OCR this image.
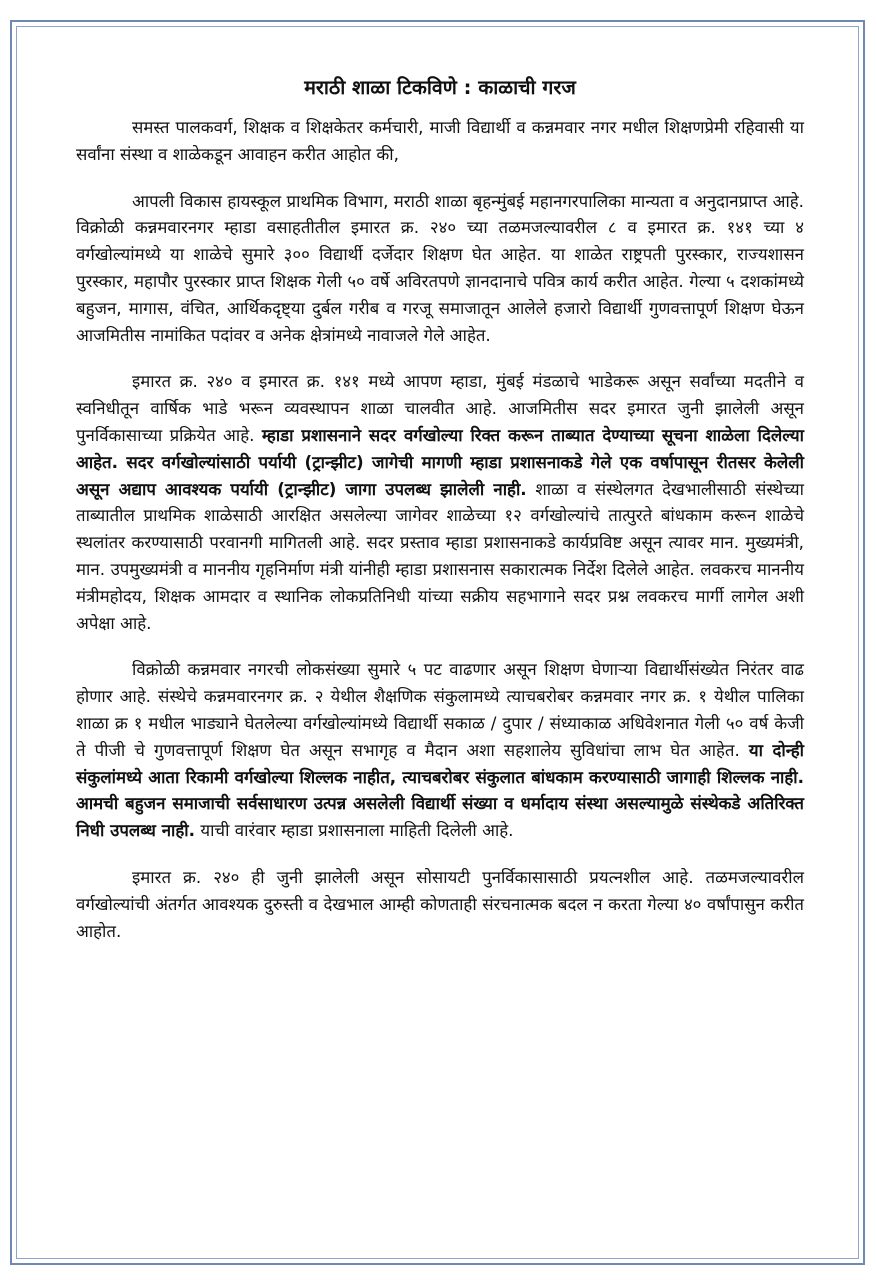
मराठी शाळा टिकविणे : काळाची गरज

समस्त पालकवर्ग, शिक्षक व शिक्षकेतर कर्मचारी, माजी विद्यार्थी व कन्नमवार नगर मधील शिक्षणप्रेमी रहिवासी या सर्वांना संस्था व शाळेकडून आवाहन करीत आहोत की,

आपली विकास हायस्कूल प्राथमिक विभाग, मराठी शाळा बृहन्मुंबई महानगरपालिका मान्यता व अनुदानप्राप्त आहे. विक्रोळी कन्नमवारनगर म्हाडा वसाहतीतील इमारत क्र. २४० च्या तळमजल्यावरील ८ व इमारत क्र. १४१ च्या ४ वर्गखोल्यांमध्ये या शाळेचे सुमारे ३०० विद्यार्थी दर्जेदार शिक्षण घेत आहेत. या शाळेत राष्ट्रपती पुरस्कार, राज्यशासन पुरस्कार, महापौर पुरस्कार प्राप्त शिक्षक गेली ५० वर्षे अविरतपणे ज्ञानदानाचे पवित्र कार्य करीत आहेत. गेल्या ५ दशकांमध्ये बहुजन, मागास, वंचित, आर्थिकदृष्ट्या दुर्बल गरीब व गरजू समाजातून आलेले हजारो विद्यार्थी गुणवत्तापूर्ण शिक्षण घेऊन आजमितीस नामांकित पदांवर व अनेक क्षेत्रांमध्ये नावाजले गेले आहेत.

इमारत क्र. २४० व इमारत क्र. १४१ मध्ये आपण म्हाडा, मुंबई मंडळाचे भाडेकरू असून सर्वांच्या मदतीने व स्वनिधीतून वार्षिक भाडे भरून व्यवस्थापन शाळा चालवीत आहे. आजमितीस सदर इमारत जुनी झालेली असून पुनर्विकासाच्या प्रक्रियेत आहे. म्हाडा प्रशासनाने सदर वर्गखोल्या रिक्त करून ताब्यात देण्याच्या सूचना शाळेला दिलेल्या आहेत. सदर वर्गखोल्यांसाठी पर्यायी (ट्रान्झीट) जागेची मागणी म्हाडा प्रशासनाकडे गेले एक वर्षापासून रीतसर केलेली असून अद्याप आवश्यक पर्यायी (ट्रान्झीट) जागा उपलब्ध झालेली नाही. शाळा व संस्थेलगत देखभालीसाठी संस्थेच्या ताब्यातील प्राथमिक शाळेसाठी आरक्षित असलेल्या जागेवर शाळेच्या १२ वर्गखोल्यांचे तात्पुरते बांधकाम करून शाळेचे स्थलांतर करण्यासाठी परवानगी मागितली आहे. सदर प्रस्ताव म्हाडा प्रशासनाकडे कार्यप्रविष्ट असून त्यावर मान. मुख्यमंत्री, मान. उपमुख्यमंत्री व माननीय गृहनिर्माण मंत्री यांनीही म्हाडा प्रशासनास सकारात्मक निर्देश दिलेले आहेत. लवकरच माननीय मंत्रीमहोदय, शिक्षक आमदार व स्थानिक लोकप्रतिनिधी यांच्या सक्रीय सहभागाने सदर प्रश्न लवकरच मार्गी लागेल अशी अपेक्षा आहे.

विक्रोळी कन्नमवार नगरची लोकसंख्या सुमारे ५ पट वाढणार असून शिक्षण घेणाऱ्या विद्यार्थीसंख्येत निरंतर वाढ होणार आहे. संस्थेचे कन्नमवारनगर क्र. २ येथील शैक्षणिक संकुलामध्ये त्याचबरोबर कन्नमवार नगर क्र. १ येथील पालिका शाळा क्र १ मधील भाड्याने घेतलेल्या वर्गखोल्यांमध्ये विद्यार्थी सकाळ / दुपार / संध्याकाळ अधिवेशनात गेली ५० वर्ष केजी ते पीजी चे गुणवत्तापूर्ण शिक्षण घेत असून सभागृह व मैदान अशा सहशालेय सुविधांचा लाभ घेत आहेत. या दोन्ही संकुलांमध्ये आता रिकामी वर्गखोल्या शिल्लक नाहीत, त्याचबरोबर संकुलात बांधकाम करण्यासाठी जागाही शिल्लक नाही. आमची बहुजन समाजाची सर्वसाधारण उत्पन्न असलेली विद्यार्थी संख्या व धर्मादाय संस्था असल्यामुळे संस्थेकडे अतिरिक्त निधी उपलब्ध नाही. याची वारंवार म्हाडा प्रशासनाला माहिती दिलेली आहे.

इमारत क्र. २४० ही जुनी झालेली असून सोसायटी पुनर्विकासासाठी प्रयत्नशील आहे. तळमजल्यावरील वर्गखोल्यांची अंतर्गत आवश्यक दुरुस्ती व देखभाल आम्ही कोणताही संरचनात्मक बदल न करता गेल्या ४० वर्षांपासुन करीत आहोत.
